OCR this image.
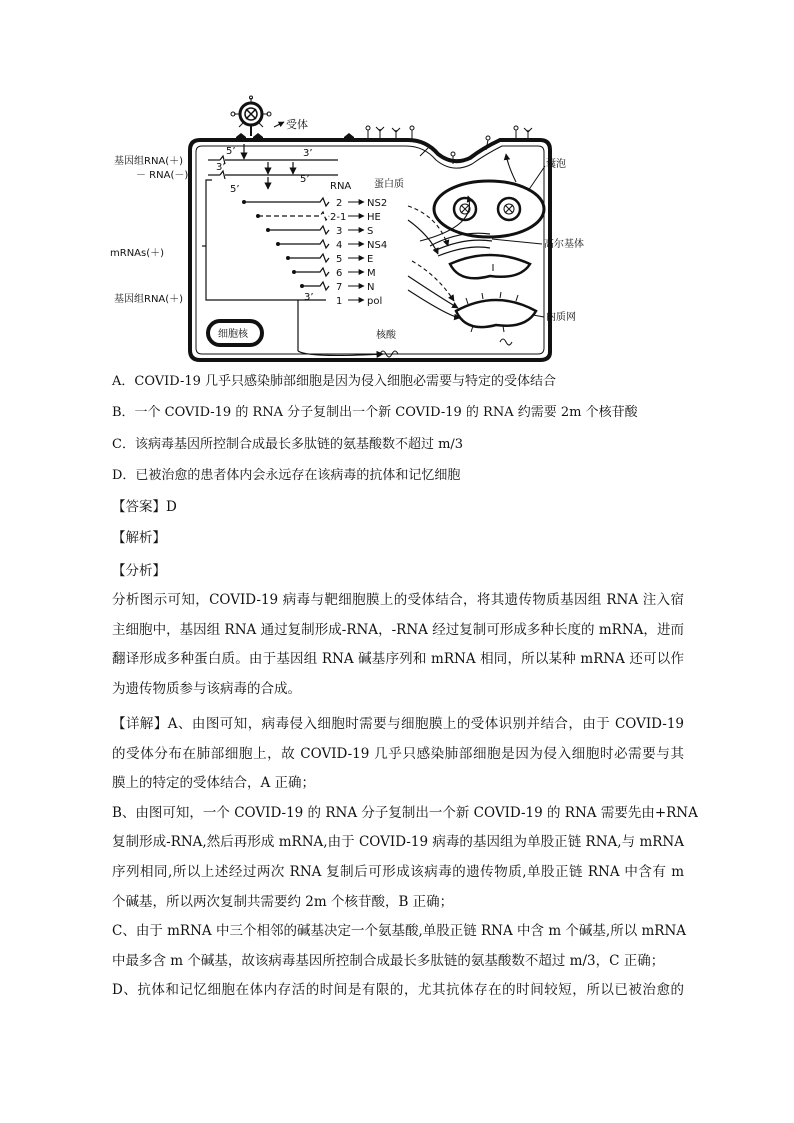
受体
基因组RNA(＋)
－ RNA(－)
mRNAs(＋)
基因组RNA(＋)
5’
3’
3’
5’
5’
3’
RNA 蛋白质
2 NS2
2-1 HE
3 S
4 NS4
5 E
6 M
7 N
1 pol
细胞核	核酸
囊泡
高尔基体
内质网
A．COVID-19 几乎只感染肺部细胞是因为侵入细胞必需要与特定的受体结合
B．一个 COVID-19 的 RNA 分子复制出一个新 COVID-19 的 RNA 约需要 2m 个核苷酸
C．该病毒基因所控制合成最长多肽链的氨基酸数不超过 m/3
D．已被治愈的患者体内会永远存在该病毒的抗体和记忆细胞
【答案】D
【解析】
【分析】
分析图示可知，COVID-19 病毒与靶细胞膜上的受体结合，将其遗传物质基因组 RNA 注入宿
主细胞中，基因组 RNA 通过复制形成-RNA，-RNA 经过复制可形成多种长度的 mRNA，进而
翻译形成多种蛋白质。由于基因组 RNA 碱基序列和 mRNA 相同，所以某种 mRNA 还可以作
为遗传物质参与该病毒的合成。
【详解】A、由图可知，病毒侵入细胞时需要与细胞膜上的受体识别并结合，由于 COVID-19
的受体分布在肺部细胞上，故 COVID-19 几乎只感染肺部细胞是因为侵入细胞时必需要与其
膜上的特定的受体结合，A 正确；
B、由图可知，一个 COVID-19 的 RNA 分子复制出一个新 COVID-19 的 RNA 需要先由+RNA
复制形成-RNA,然后再形成 mRNA,由于 COVID-19 病毒的基因组为单股正链 RNA,与 mRNA
序列相同,所以上述经过两次 RNA 复制后可形成该病毒的遗传物质,单股正链 RNA 中含有 m
个碱基，所以两次复制共需要约 2m 个核苷酸，B 正确；
C、由于 mRNA 中三个相邻的碱基决定一个氨基酸,单股正链 RNA 中含 m 个碱基,所以 mRNA
中最多含 m 个碱基，故该病毒基因所控制合成最长多肽链的氨基酸数不超过 m/3，C 正确；
D、抗体和记忆细胞在体内存活的时间是有限的，尤其抗体存在的时间较短，所以已被治愈的
